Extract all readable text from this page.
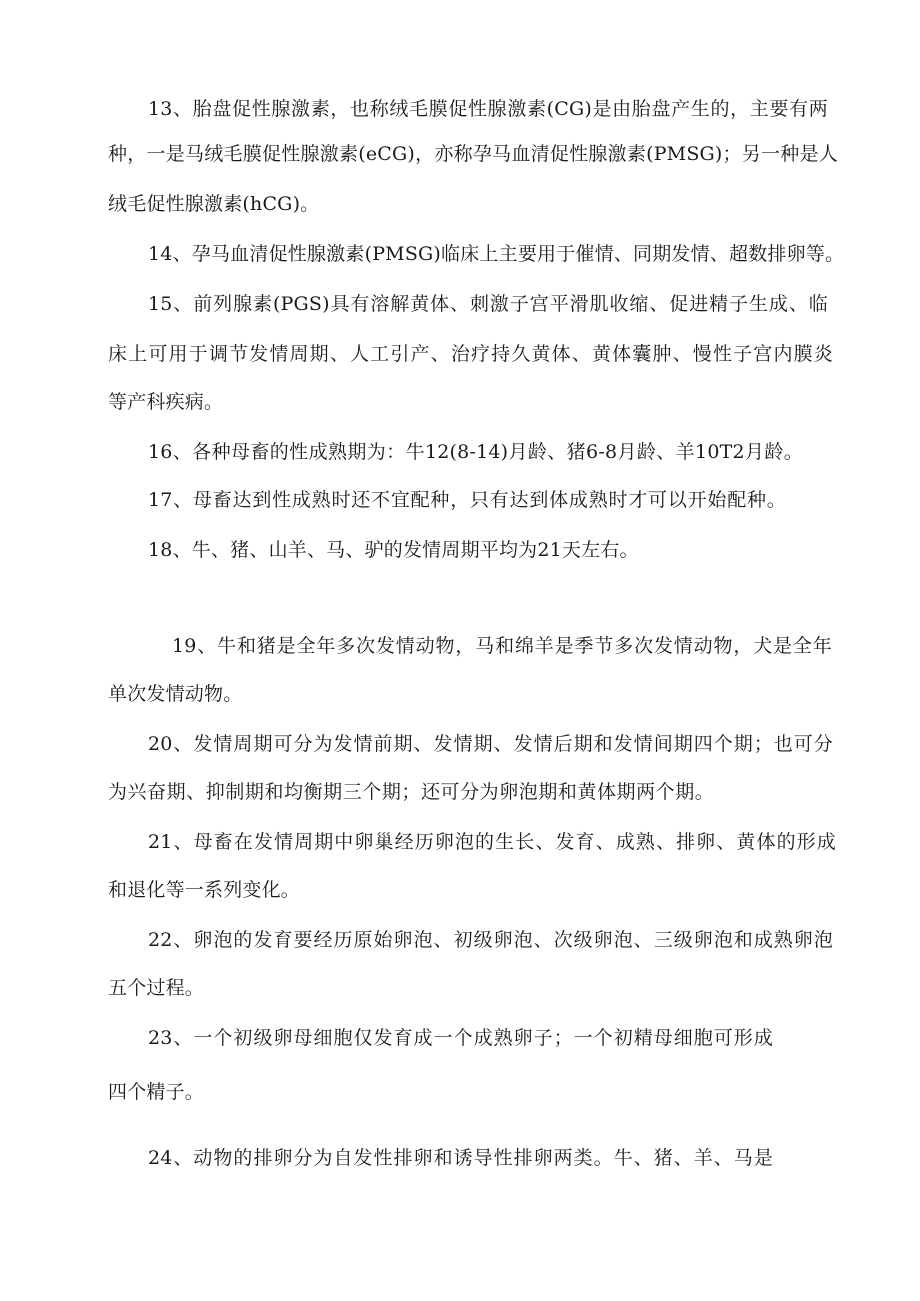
13、胎盘促性腺激素，也称绒毛膜促性腺激素(CG)是由胎盘产生的，主要有两
种，一是马绒毛膜促性腺激素(eCG)，亦称孕马血清促性腺激素(PMSG)；另一种是人
绒毛促性腺激素(hCG)。
14、孕马血清促性腺激素(PMSG)临床上主要用于催情、同期发情、超数排卵等。
15、前列腺素(PGS)具有溶解黄体、刺激子宫平滑肌收缩、促进精子生成、临
床上可用于调节发情周期、人工引产、治疗持久黄体、黄体囊肿、慢性子宫内膜炎
等产科疾病。
16、各种母畜的性成熟期为：牛12(8-14)月龄、猪6-8月龄、羊10T2月龄。
17、母畜达到性成熟时还不宜配种，只有达到体成熟时才可以开始配种。
18、牛、猪、山羊、马、驴的发情周期平均为21天左右。
19、牛和猪是全年多次发情动物，马和绵羊是季节多次发情动物，犬是全年
单次发情动物。
20、发情周期可分为发情前期、发情期、发情后期和发情间期四个期；也可分
为兴奋期、抑制期和均衡期三个期；还可分为卵泡期和黄体期两个期。
21、母畜在发情周期中卵巢经历卵泡的生长、发育、成熟、排卵、黄体的形成
和退化等一系列变化。
22、卵泡的发育要经历原始卵泡、初级卵泡、次级卵泡、三级卵泡和成熟卵泡
五个过程。
23、一个初级卵母细胞仅发育成一个成熟卵子；一个初精母细胞可形成
四个精子。
24、动物的排卵分为自发性排卵和诱导性排卵两类。牛、猪、羊、马是
